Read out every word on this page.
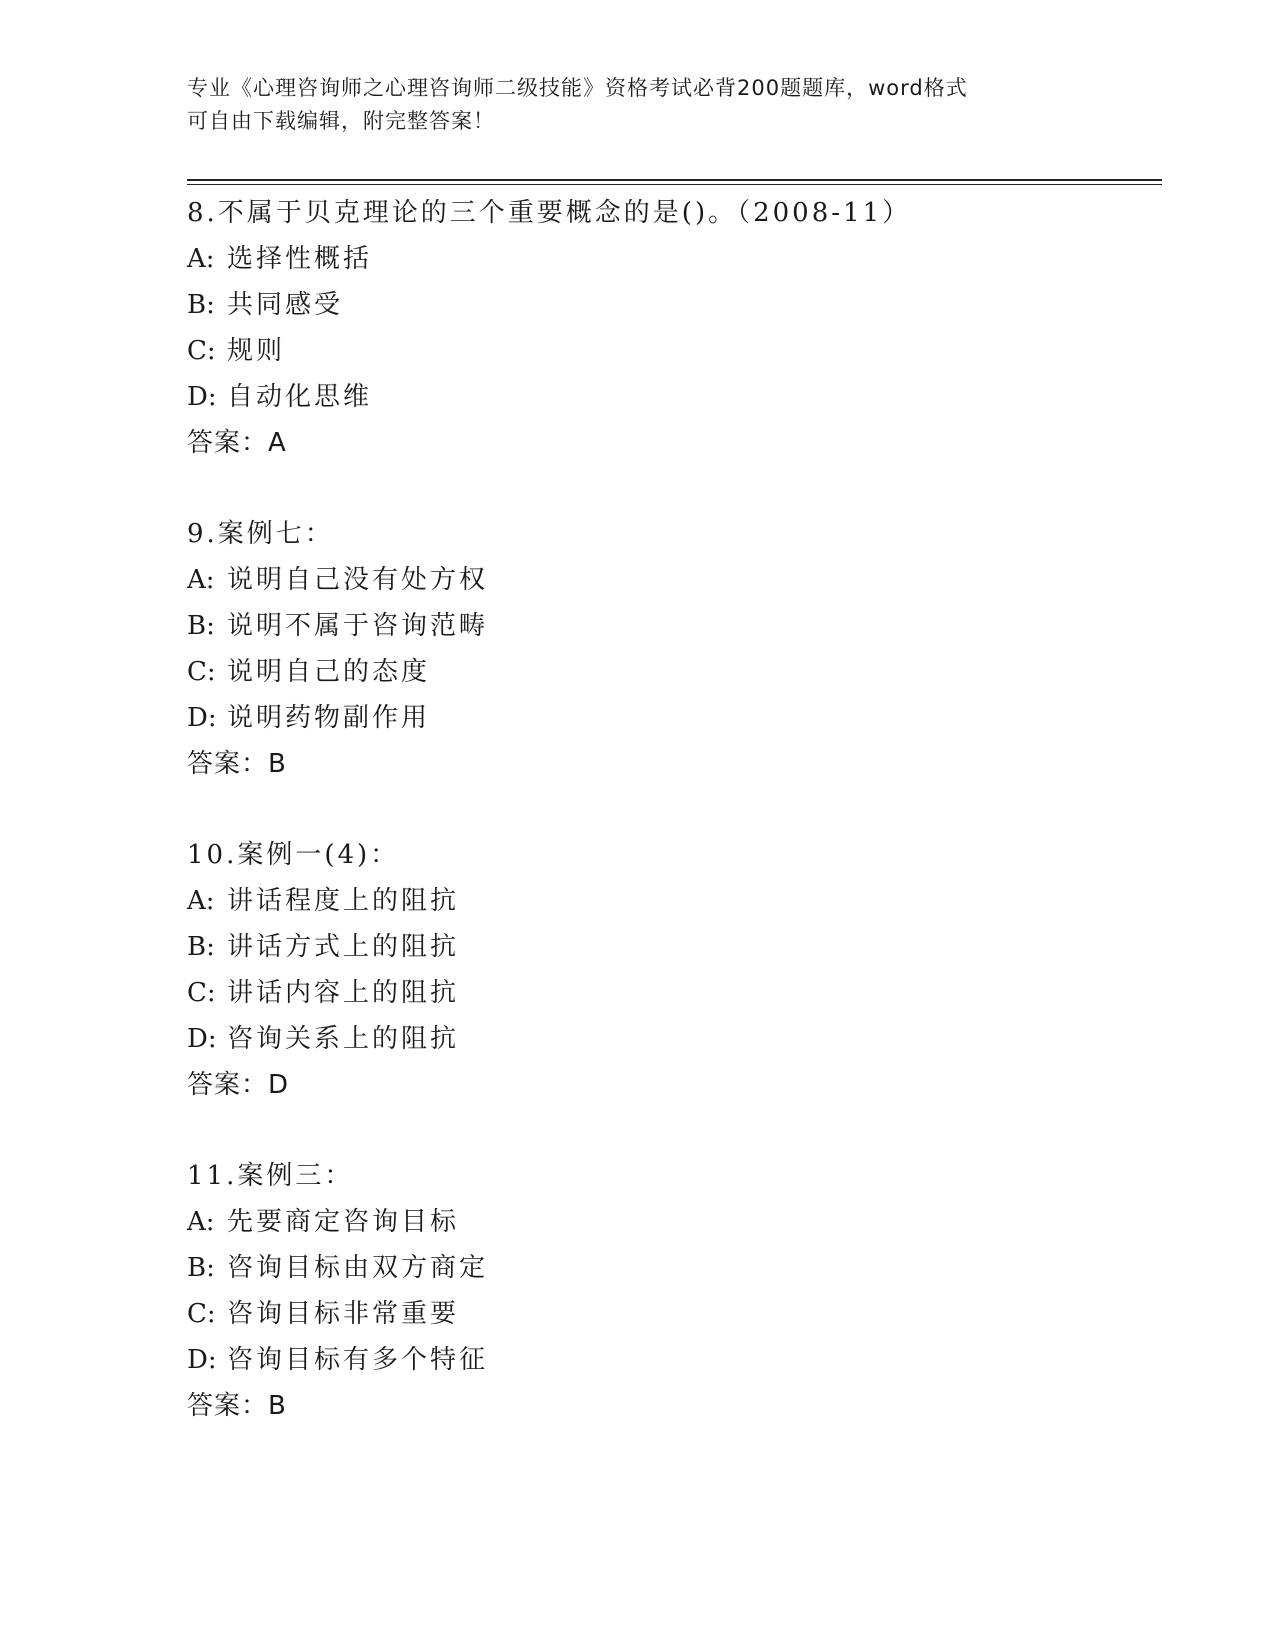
专业《心理咨询师之心理咨询师二级技能》资格考试必背200题题库，word格式
可自由下载编辑，附完整答案！
8.不属于贝克理论的三个重要概念的是()。（2008-11）
A: 选择性概括
B: 共同感受
C: 规则
D: 自动化思维
答案：A
9.案例七：
A: 说明自己没有处方权
B: 说明不属于咨询范畴
C: 说明自己的态度
D: 说明药物副作用
答案：B
10.案例一(4)：
A: 讲话程度上的阻抗
B: 讲话方式上的阻抗
C: 讲话内容上的阻抗
D: 咨询关系上的阻抗
答案：D
11.案例三：
A: 先要商定咨询目标
B: 咨询目标由双方商定
C: 咨询目标非常重要
D: 咨询目标有多个特征
答案：B
